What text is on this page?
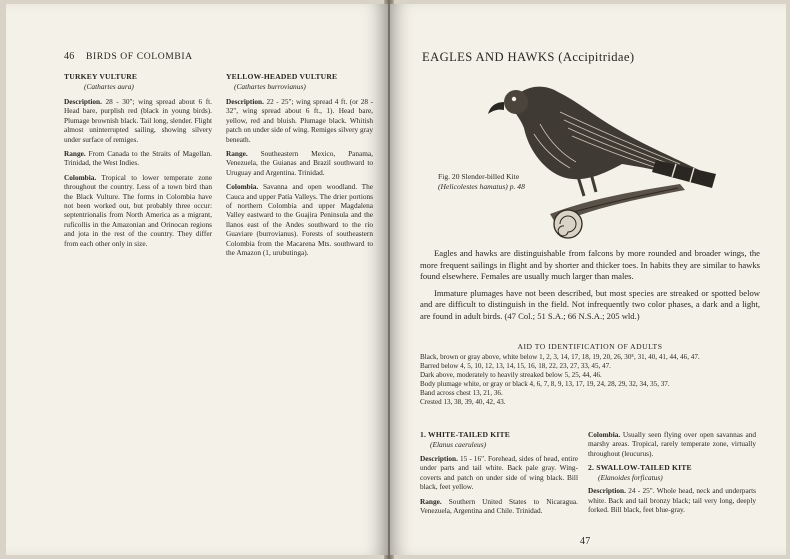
46 BIRDS OF COLOMBIA
TURKEY VULTURE
(Cathartes aura)

Description. 28 - 30"; wing spread about 6 ft. Head bare, purplish red (black in young birds). Plumage brownish black. Tail long, slender. Flight almost uninterrupted sailing, showing silvery under surface of remiges.

Range. From Canada to the Straits of Magellan. Trinidad, the West Indies.

Colombia. Tropical to lower temperate zone throughout the country. Less of a town bird than the Black Vulture. The forms in Colombia have not been worked out, but probably three occur: septentrionalis from North America as a migrant, ruficollis in the Amazonian and Orinocan regions and jota in the rest of the country. They differ from each other only in size.

YELLOW-HEADED VULTURE
(Cathartes burrovianus)

Description. 22 - 25"; wing spread 4 ft. (or 28 - 32", wing spread about 6 ft., 1). Head bare, yellow, red and bluish. Plumage black. Whitish patch on under side of wing. Remiges silvery gray beneath.

Range. Southeastern Mexico, Panama, Venezuela, the Guianas and Brazil southward to Uruguay and Argentina. Trinidad.

Colombia. Savanna and open woodland. The Cauca and upper Patía Valleys. The drier portions of northern Colombia and upper Magdalena Valley eastward to the Guajira Peninsula and the llanos east of the Andes southward to the río Guaviare (burrovianus). Forests of southeastern Colombia from the Macarena Mts. southward to the Amazon (1, urubutinga).

EAGLES AND HAWKS (Accipitridae)
Fig. 20 Slender-billed Kite
(Helicolestes hamatus) p. 48

Eagles and hawks are distinguishable from falcons by more rounded and broader wings, the more frequent sailings in flight and by shorter and thicker toes. In habits they are similar to hawks found elsewhere. Females are usually much larger than males.

Immature plumages have not been described, but most species are streaked or spotted below and are difficult to distinguish in the field. Not infrequently two color phases, a dark and a light, are found in adult birds. (47 Col.; 51 S.A.; 66 N.S.A.; 205 wld.)

AID TO IDENTIFICATION OF ADULTS
Black, brown or gray above, white below 1, 2, 3, 14, 17, 18, 19, 20, 26, 30ᴱ, 31, 40, 41, 44, 46, 47.
Barred below 4, 5, 10, 12, 13, 14, 15, 16, 18, 22, 23, 27, 33, 45, 47.
Dark above, moderately to heavily streaked below 5, 25, 44, 46.
Body plumage white, or gray or black 4, 6, 7, 8, 9, 13, 17, 19, 24, 28, 29, 32, 34, 35, 37.
Band across chest 13, 21, 36.
Crested 13, 38, 39, 40, 42, 43.
1. WHITE-TAILED KITE
(Elanus caeruleus)

Description. 15 - 16". Forehead, sides of head, entire under parts and tail white. Back pale gray. Wing-coverts and patch on under side of wing black. Bill black, feet yellow.

Range. Southern United States to Nicaragua. Venezuela, Argentina and Chile. Trinidad.

Colombia. Usually seen flying over open savannas and marshy areas. Tropical, rarely temperate zone, virtually throughout (leucurus).

2. SWALLOW-TAILED KITE
(Elanoides forficatus)

Description. 24 - 25". Whole head, neck and underparts white. Back and tail bronzy black; tail very long, deeply forked. Bill black, feet blue-gray.

47
